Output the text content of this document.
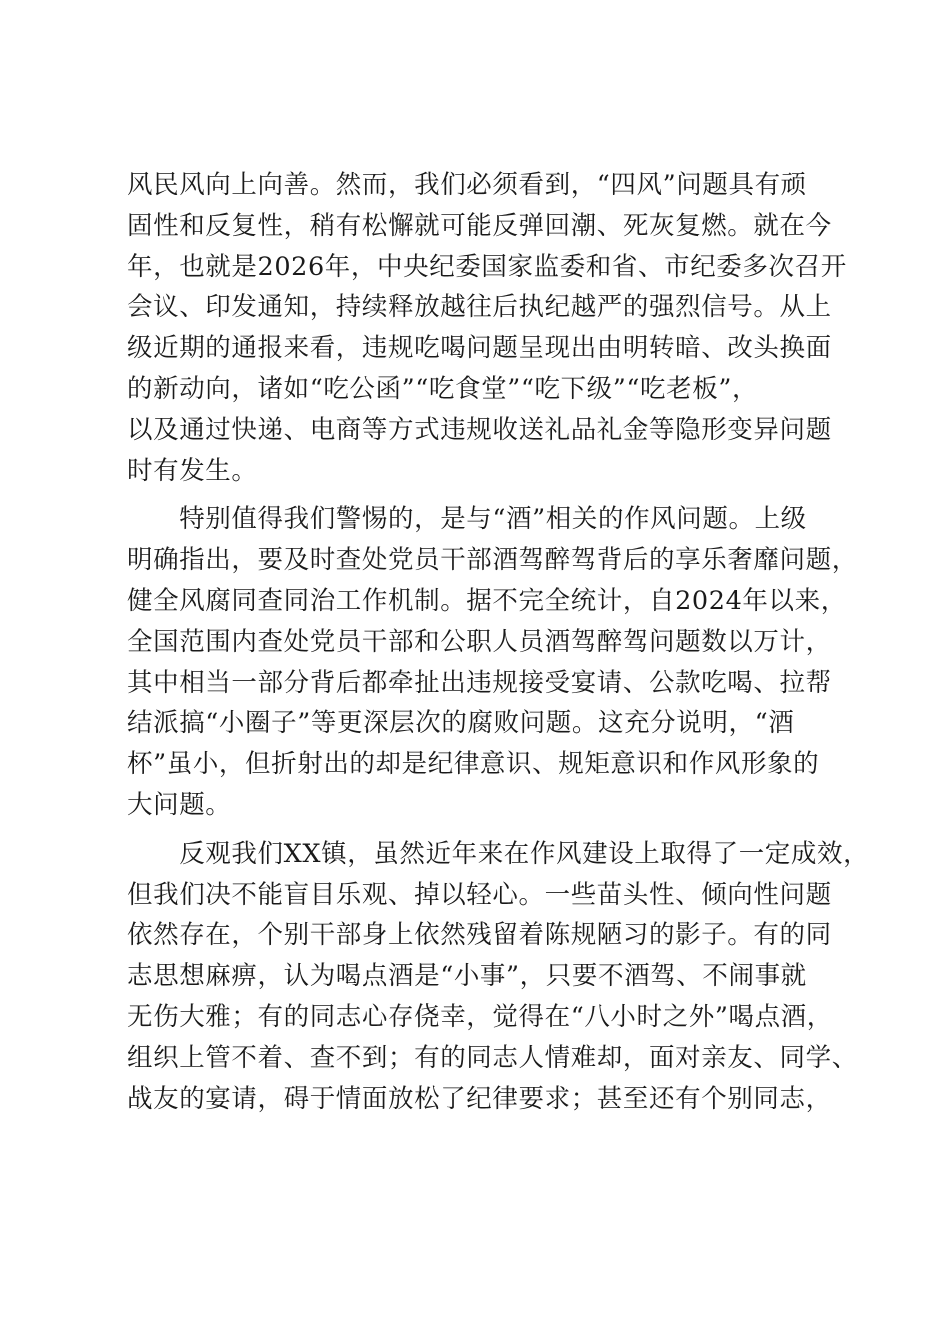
风民风向上向善。然而，我们必须看到，“四风”问题具有顽
固性和反复性，稍有松懈就可能反弹回潮、死灰复燃。就在今
年，也就是2026年，中央纪委国家监委和省、市纪委多次召开
会议、印发通知，持续释放越往后执纪越严的强烈信号。从上
级近期的通报来看，违规吃喝问题呈现出由明转暗、改头换面
的新动向，诸如“吃公函”“吃食堂”“吃下级”“吃老板”，
以及通过快递、电商等方式违规收送礼品礼金等隐形变异问题
时有发生。
　　特别值得我们警惕的，是与“酒”相关的作风问题。上级
明确指出，要及时查处党员干部酒驾醉驾背后的享乐奢靡问题，
健全风腐同查同治工作机制。据不完全统计，自2024年以来，
全国范围内查处党员干部和公职人员酒驾醉驾问题数以万计，
其中相当一部分背后都牵扯出违规接受宴请、公款吃喝、拉帮
结派搞“小圈子”等更深层次的腐败问题。这充分说明，“酒
杯”虽小，但折射出的却是纪律意识、规矩意识和作风形象的
大问题。
　　反观我们XX镇，虽然近年来在作风建设上取得了一定成效，
但我们决不能盲目乐观、掉以轻心。一些苗头性、倾向性问题
依然存在，个别干部身上依然残留着陈规陋习的影子。有的同
志思想麻痹，认为喝点酒是“小事”，只要不酒驾、不闹事就
无伤大雅；有的同志心存侥幸，觉得在“八小时之外”喝点酒，
组织上管不着、查不到；有的同志人情难却，面对亲友、同学、
战友的宴请，碍于情面放松了纪律要求；甚至还有个别同志，
